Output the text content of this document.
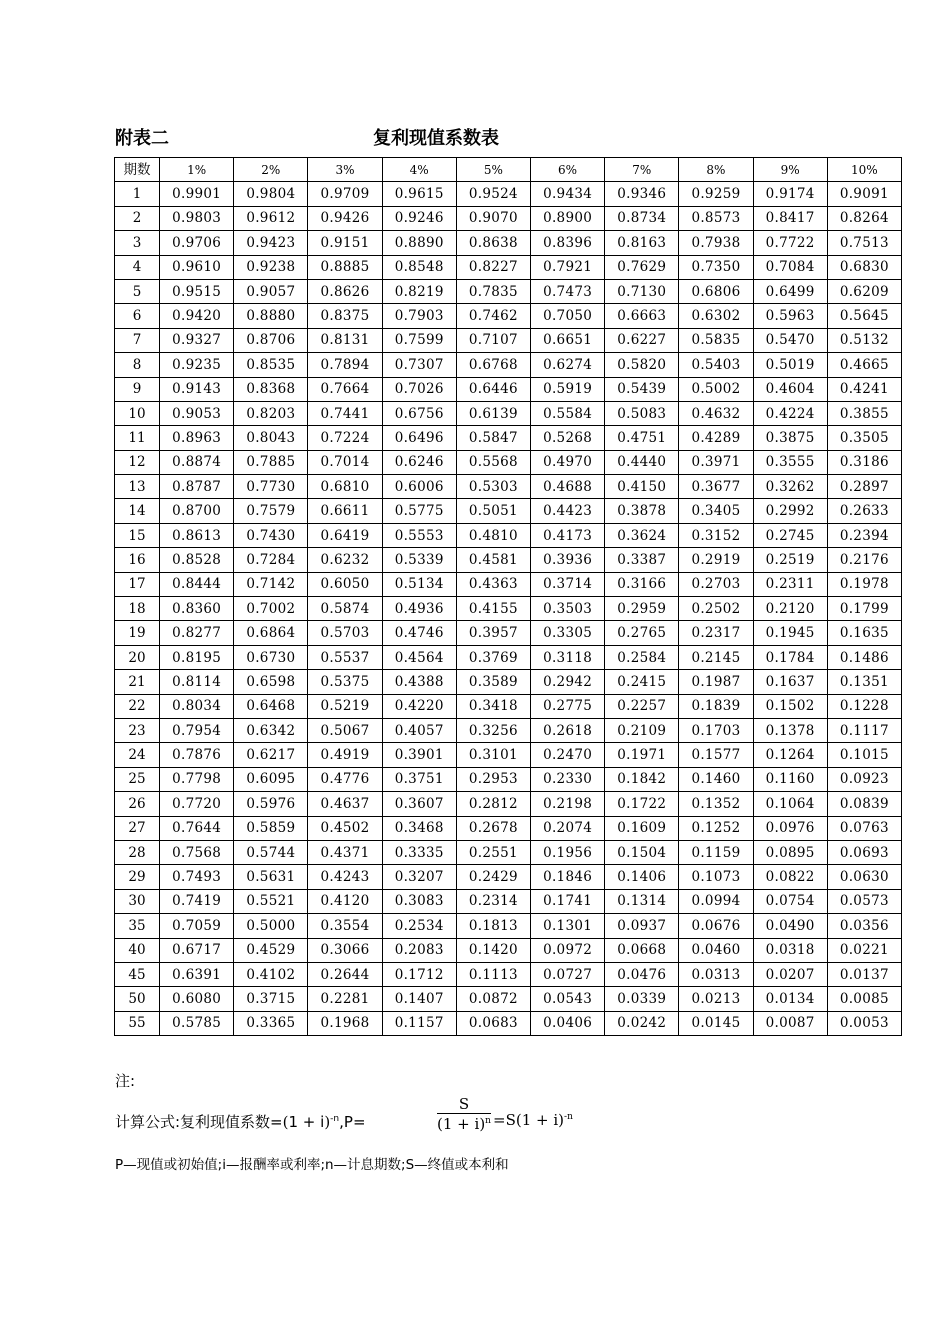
附表二	复利现值系数表
期数	1%	2%	3%	4%	5%	6%	7%	8%	9%	10%
1	0.9901	0.9804	0.9709	0.9615	0.9524	0.9434	0.9346	0.9259	0.9174	0.9091
2	0.9803	0.9612	0.9426	0.9246	0.9070	0.8900	0.8734	0.8573	0.8417	0.8264
3	0.9706	0.9423	0.9151	0.8890	0.8638	0.8396	0.8163	0.7938	0.7722	0.7513
4	0.9610	0.9238	0.8885	0.8548	0.8227	0.7921	0.7629	0.7350	0.7084	0.6830
5	0.9515	0.9057	0.8626	0.8219	0.7835	0.7473	0.7130	0.6806	0.6499	0.6209
6	0.9420	0.8880	0.8375	0.7903	0.7462	0.7050	0.6663	0.6302	0.5963	0.5645
7	0.9327	0.8706	0.8131	0.7599	0.7107	0.6651	0.6227	0.5835	0.5470	0.5132
8	0.9235	0.8535	0.7894	0.7307	0.6768	0.6274	0.5820	0.5403	0.5019	0.4665
9	0.9143	0.8368	0.7664	0.7026	0.6446	0.5919	0.5439	0.5002	0.4604	0.4241
10	0.9053	0.8203	0.7441	0.6756	0.6139	0.5584	0.5083	0.4632	0.4224	0.3855
11	0.8963	0.8043	0.7224	0.6496	0.5847	0.5268	0.4751	0.4289	0.3875	0.3505
12	0.8874	0.7885	0.7014	0.6246	0.5568	0.4970	0.4440	0.3971	0.3555	0.3186
13	0.8787	0.7730	0.6810	0.6006	0.5303	0.4688	0.4150	0.3677	0.3262	0.2897
14	0.8700	0.7579	0.6611	0.5775	0.5051	0.4423	0.3878	0.3405	0.2992	0.2633
15	0.8613	0.7430	0.6419	0.5553	0.4810	0.4173	0.3624	0.3152	0.2745	0.2394
16	0.8528	0.7284	0.6232	0.5339	0.4581	0.3936	0.3387	0.2919	0.2519	0.2176
17	0.8444	0.7142	0.6050	0.5134	0.4363	0.3714	0.3166	0.2703	0.2311	0.1978
18	0.8360	0.7002	0.5874	0.4936	0.4155	0.3503	0.2959	0.2502	0.2120	0.1799
19	0.8277	0.6864	0.5703	0.4746	0.3957	0.3305	0.2765	0.2317	0.1945	0.1635
20	0.8195	0.6730	0.5537	0.4564	0.3769	0.3118	0.2584	0.2145	0.1784	0.1486
21	0.8114	0.6598	0.5375	0.4388	0.3589	0.2942	0.2415	0.1987	0.1637	0.1351
22	0.8034	0.6468	0.5219	0.4220	0.3418	0.2775	0.2257	0.1839	0.1502	0.1228
23	0.7954	0.6342	0.5067	0.4057	0.3256	0.2618	0.2109	0.1703	0.1378	0.1117
24	0.7876	0.6217	0.4919	0.3901	0.3101	0.2470	0.1971	0.1577	0.1264	0.1015
25	0.7798	0.6095	0.4776	0.3751	0.2953	0.2330	0.1842	0.1460	0.1160	0.0923
26	0.7720	0.5976	0.4637	0.3607	0.2812	0.2198	0.1722	0.1352	0.1064	0.0839
27	0.7644	0.5859	0.4502	0.3468	0.2678	0.2074	0.1609	0.1252	0.0976	0.0763
28	0.7568	0.5744	0.4371	0.3335	0.2551	0.1956	0.1504	0.1159	0.0895	0.0693
29	0.7493	0.5631	0.4243	0.3207	0.2429	0.1846	0.1406	0.1073	0.0822	0.0630
30	0.7419	0.5521	0.4120	0.3083	0.2314	0.1741	0.1314	0.0994	0.0754	0.0573
35	0.7059	0.5000	0.3554	0.2534	0.1813	0.1301	0.0937	0.0676	0.0490	0.0356
40	0.6717	0.4529	0.3066	0.2083	0.1420	0.0972	0.0668	0.0460	0.0318	0.0221
45	0.6391	0.4102	0.2644	0.1712	0.1113	0.0727	0.0476	0.0313	0.0207	0.0137
50	0.6080	0.3715	0.2281	0.1407	0.0872	0.0543	0.0339	0.0213	0.0134	0.0085
55	0.5785	0.3365	0.1968	0.1157	0.0683	0.0406	0.0242	0.0145	0.0087	0.0053
注:
计算公式:复利现值系数$=(1 + i)^{-n},P=$	$\frac{S}{(1 + i)^n} =S(1 + i)^{-n}$
P—现值或初始值;i—报酬率或利率;n—计息期数;S—终值或本利和
